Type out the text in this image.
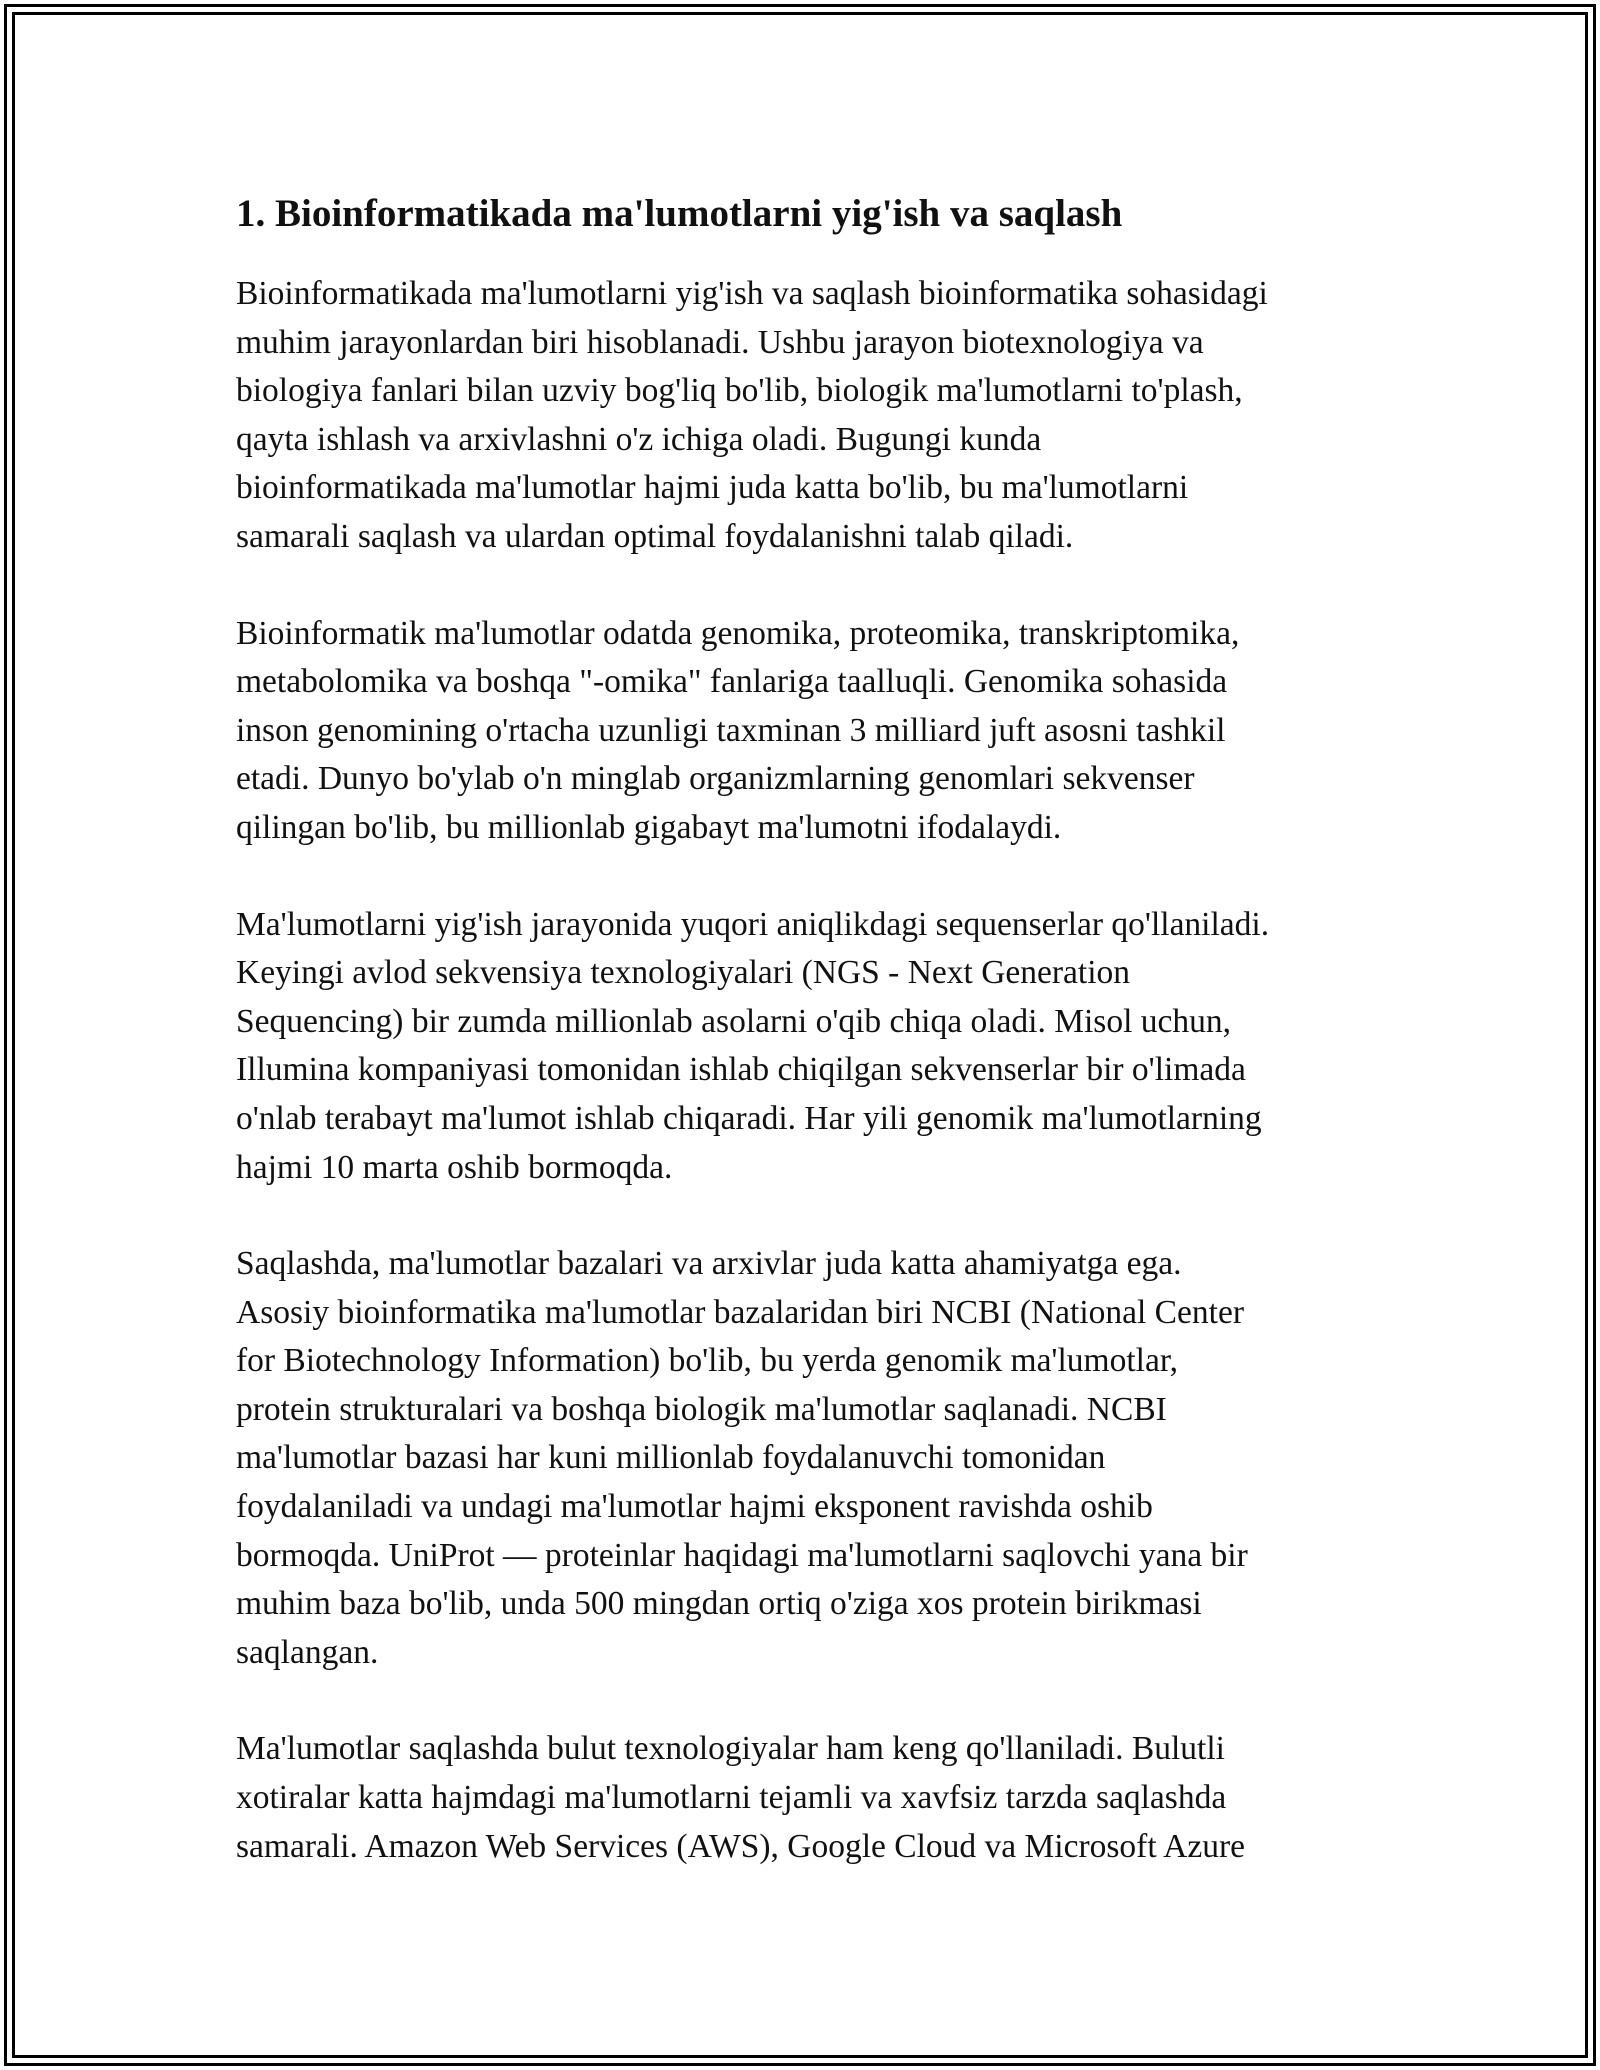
1. Bioinformatikada ma'lumotlarni yig'ish va saqlash

Bioinformatikada ma'lumotlarni yig'ish va saqlash bioinformatika sohasidagi
muhim jarayonlardan biri hisoblanadi. Ushbu jarayon biotexnologiya va
biologiya fanlari bilan uzviy bog'liq bo'lib, biologik ma'lumotlarni to'plash,
qayta ishlash va arxivlashni o'z ichiga oladi. Bugungi kunda
bioinformatikada ma'lumotlar hajmi juda katta bo'lib, bu ma'lumotlarni
samarali saqlash va ulardan optimal foydalanishni talab qiladi.

Bioinformatik ma'lumotlar odatda genomika, proteomika, transkriptomika,
metabolomika va boshqa "-omika" fanlariga taalluqli. Genomika sohasida
inson genomining o'rtacha uzunligi taxminan 3 milliard juft asosni tashkil
etadi. Dunyo bo'ylab o'n minglab organizmlarning genomlari sekvenser
qilingan bo'lib, bu millionlab gigabayt ma'lumotni ifodalaydi.

Ma'lumotlarni yig'ish jarayonida yuqori aniqlikdagi sequenserlar qo'llaniladi.
Keyingi avlod sekvensiya texnologiyalari (NGS - Next Generation
Sequencing) bir zumda millionlab asolarni o'qib chiqa oladi. Misol uchun,
Illumina kompaniyasi tomonidan ishlab chiqilgan sekvenserlar bir o'limada
o'nlab terabayt ma'lumot ishlab chiqaradi. Har yili genomik ma'lumotlarning
hajmi 10 marta oshib bormoqda.

Saqlashda, ma'lumotlar bazalari va arxivlar juda katta ahamiyatga ega.
Asosiy bioinformatika ma'lumotlar bazalaridan biri NCBI (National Center
for Biotechnology Information) bo'lib, bu yerda genomik ma'lumotlar,
protein strukturalari va boshqa biologik ma'lumotlar saqlanadi. NCBI
ma'lumotlar bazasi har kuni millionlab foydalanuvchi tomonidan
foydalaniladi va undagi ma'lumotlar hajmi eksponent ravishda oshib
bormoqda. UniProt — proteinlar haqidagi ma'lumotlarni saqlovchi yana bir
muhim baza bo'lib, unda 500 mingdan ortiq o'ziga xos protein birikmasi
saqlangan.

Ma'lumotlar saqlashda bulut texnologiyalar ham keng qo'llaniladi. Bulutli
xotiralar katta hajmdagi ma'lumotlarni tejamli va xavfsiz tarzda saqlashda
samarali. Amazon Web Services (AWS), Google Cloud va Microsoft Azure
